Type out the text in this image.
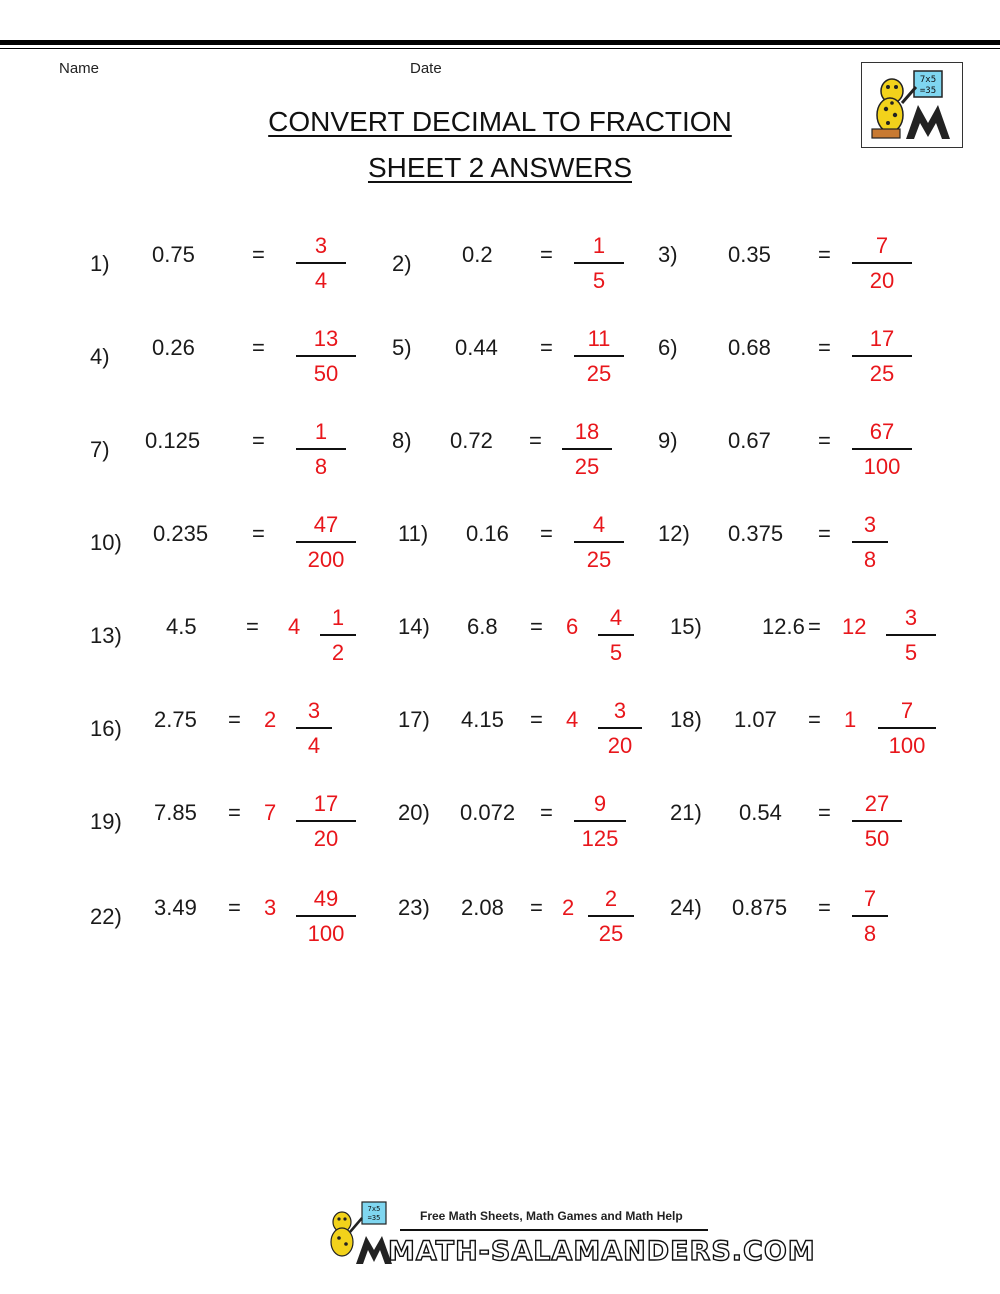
Name	Date
CONVERT DECIMAL TO FRACTION
SHEET 2 ANSWERS
7x5
=35
1) 0.75	=	3
4
2) 0.2 =	1
5
3) 0.35 =	7
20
4) 0.26	=	13
50
5) 0.44 =	11
25
6) 0.68 =	17
25
7) 0.125 =	1
8
8) 0.72 =	18
25
9) 0.67 =	67
100
10) 0.235 =	47
200
11) 0.16 =	4
25
12) 0.375 =	3
8
13) 4.5 = 4	1
2
14) 6.8 = 6	4
5
15)	12.6 = 12	3
5
16) 2.75 = 2	3
4
17) 4.15 = 4	3
20
18) 1.07 = 1	7
100
19) 7.85 = 7	17
20
20) 0.072 =	9
125
21) 0.54 =	27
50
22) 3.49 = 3	49
100
23) 2.08 = 2	2
25
24) 0.875 =	7
8
7x5
=35	Free Math Sheets, Math Games and Math Help
MATH-SALAMANDERS.COM
